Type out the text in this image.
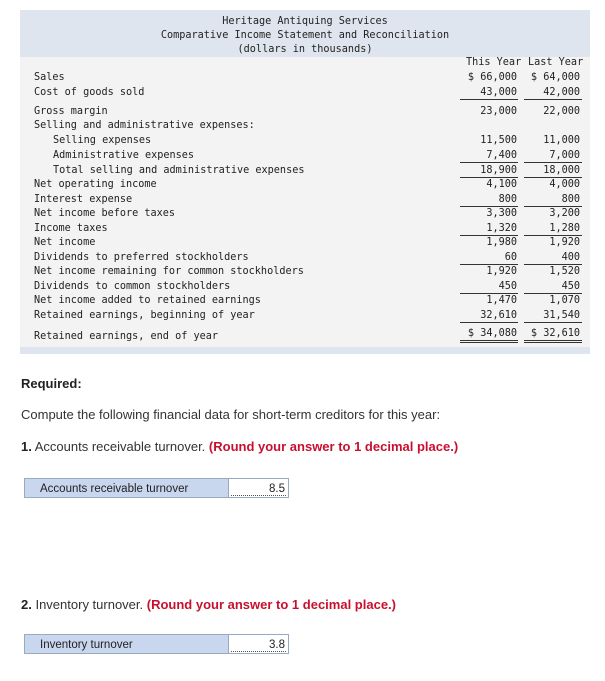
Heritage Antiquing Services
Comparative Income Statement and Reconciliation
(dollars in thousands)
This Year Last Year
Sales	$ 66,000	$ 64,000
Cost of goods sold	43,000	42,000
Gross margin	23,000	22,000
Selling and administrative expenses:
Selling expenses	11,500	11,000
Administrative expenses	7,400	7,000
Total selling and administrative expenses	18,900	18,000
Net operating income	4,100	4,000
Interest expense	800	800
Net income before taxes	3,300	3,200
Income taxes	1,320	1,280
Net income	1,980	1,920
Dividends to preferred stockholders	60	400
Net income remaining for common stockholders	1,920	1,520
Dividends to common stockholders	450	450
Net income added to retained earnings	1,470	1,070
Retained earnings, beginning of year	32,610	31,540
Retained earnings, end of year	$ 34,080	$ 32,610
Required:
Compute the following financial data for short-term creditors for this year:
1. Accounts receivable turnover. (Round your answer to 1 decimal place.)
Accounts receivable turnover	8.5
2. Inventory turnover. (Round your answer to 1 decimal place.)
Inventory turnover	3.8
